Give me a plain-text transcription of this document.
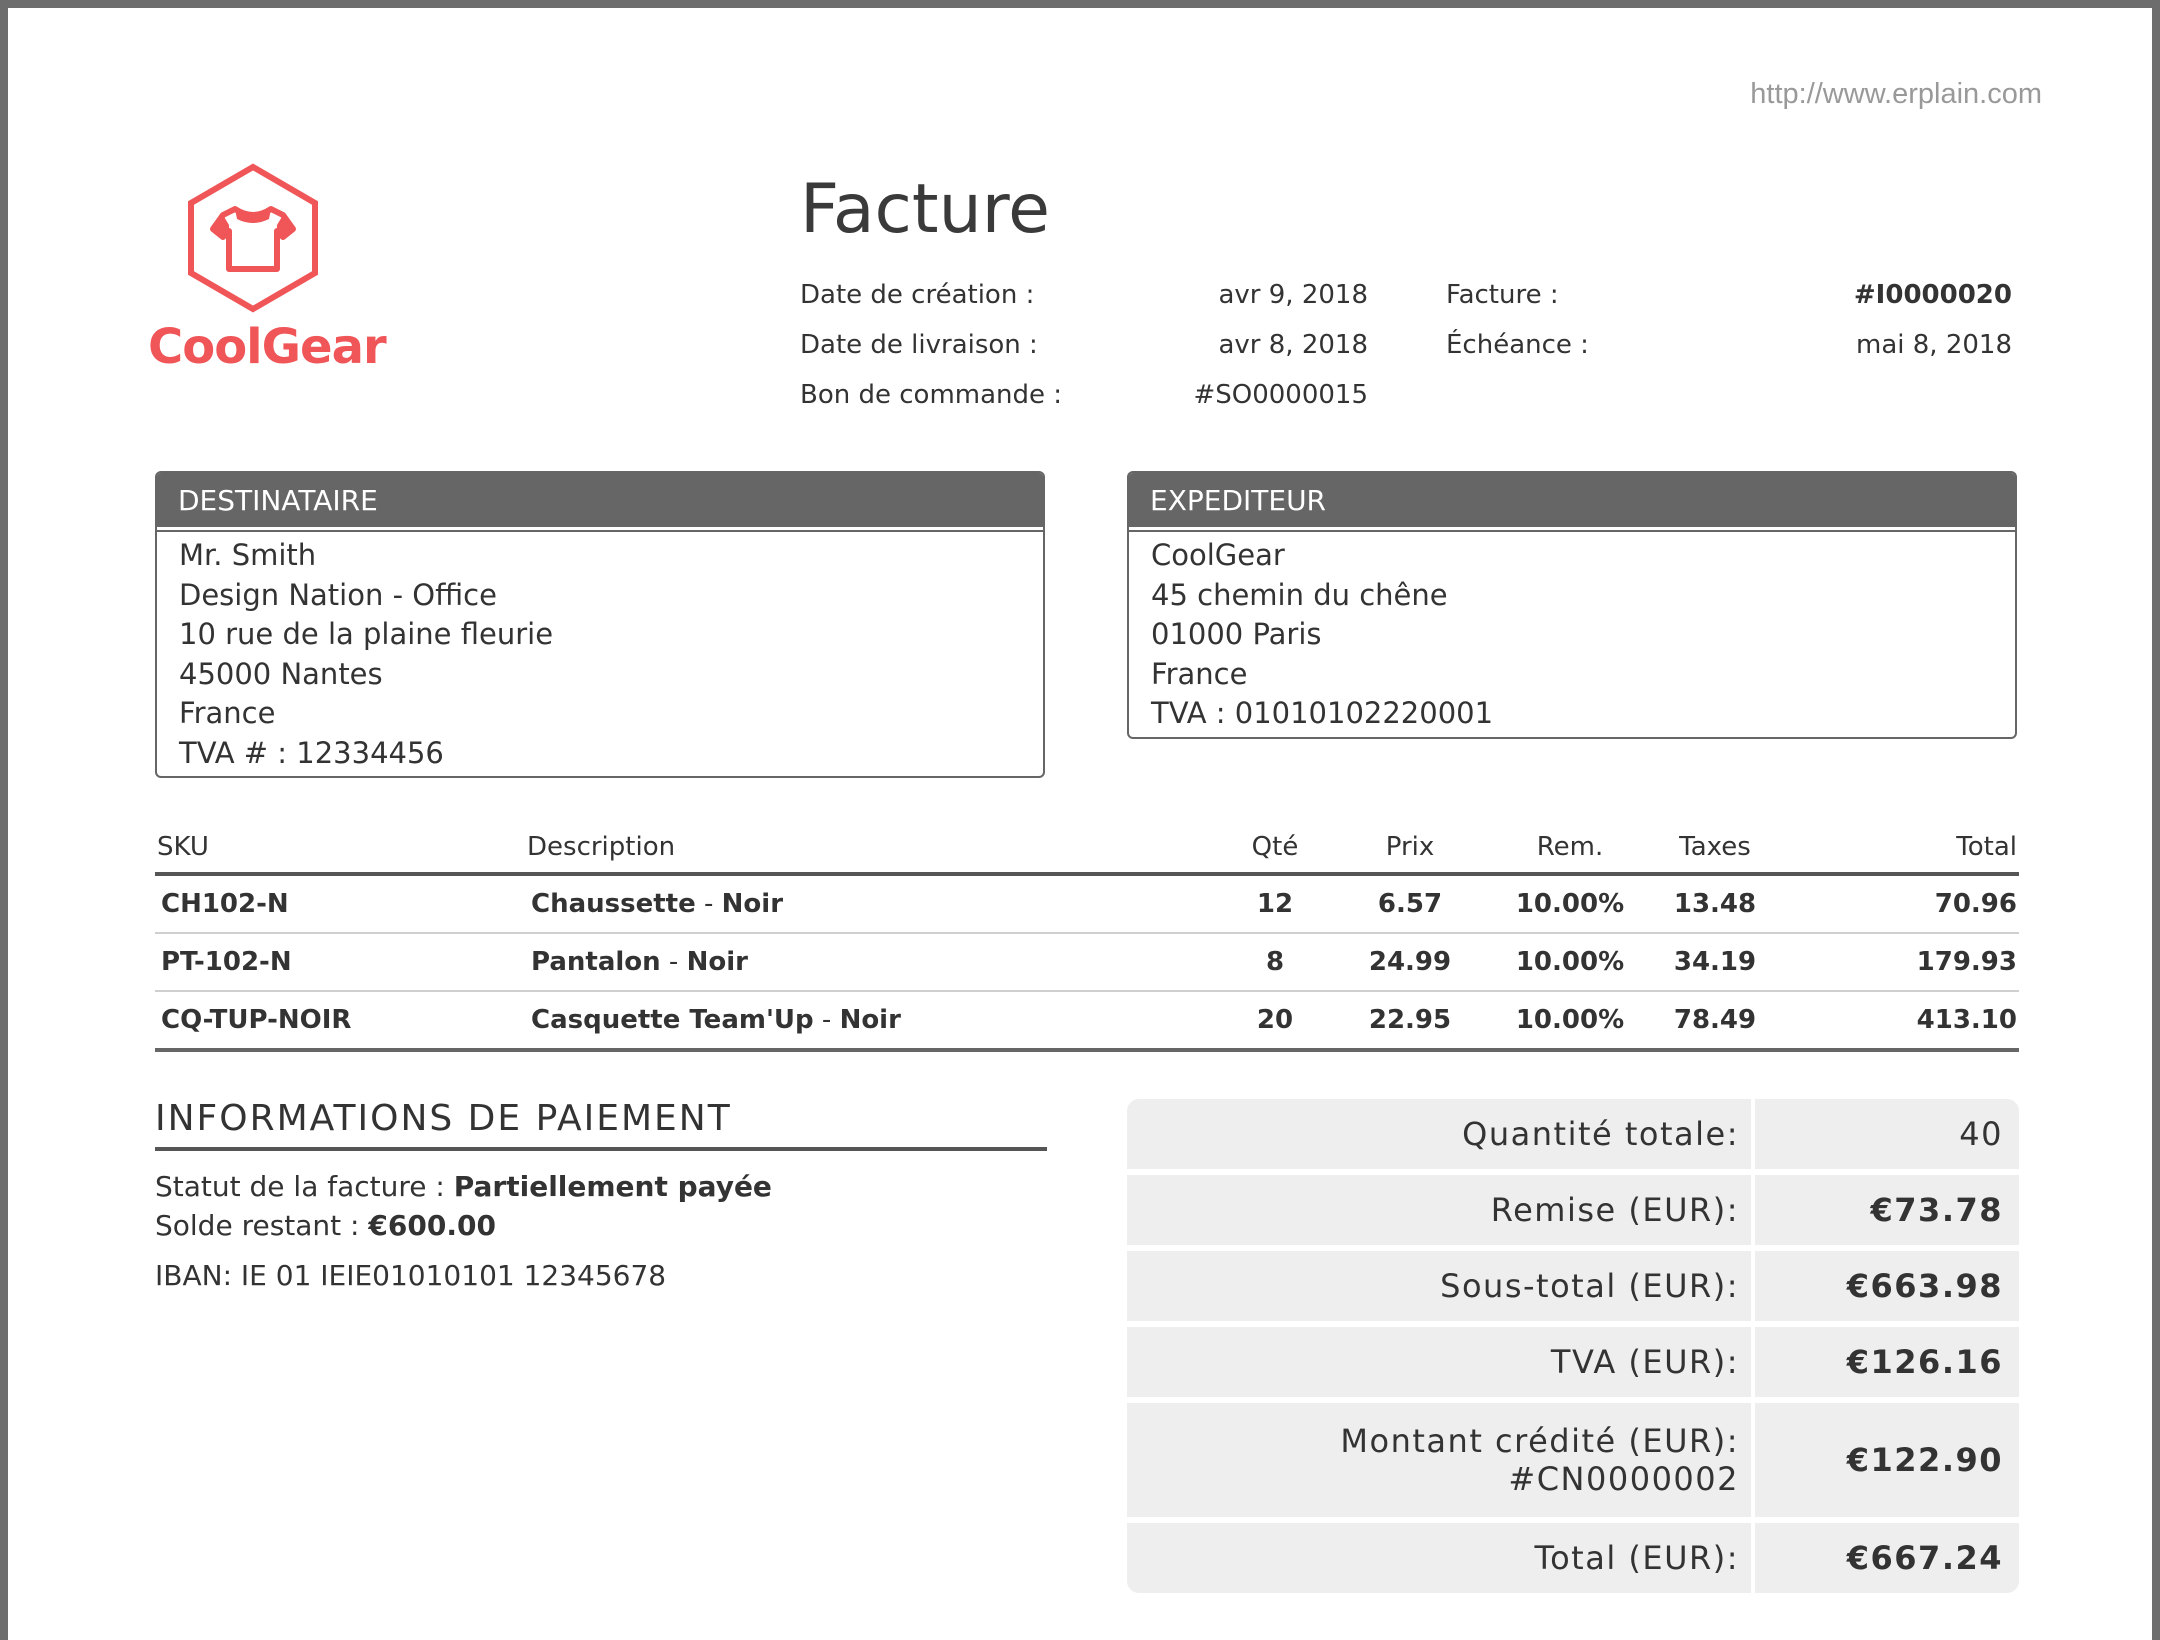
http://www.erplain.com
CoolGear
Facture
Date de création :	avr 9, 2018
Date de livraison :	avr 8, 2018
Bon de commande :	#SO0000015
Facture :	#I0000020
Échéance :	mai 8, 2018
DESTINATAIRE
Mr. Smith
Design Nation - Office
10 rue de la plaine fleurie
45000 Nantes
France
TVA # : 12334456
EXPEDITEUR
CoolGear
45 chemin du chêne
01000 Paris
France
TVA : 01010102220001
SKU	Description	Qté	Prix	Rem.	Taxes	Total
CH102-N	Chaussette - Noir	12	6.57	10.00%	13.48	70.96
PT-102-N	Pantalon - Noir	8	24.99	10.00%	34.19	179.93
CQ-TUP-NOIR	Casquette Team'Up - Noir	20	22.95	10.00%	78.49	413.10
INFORMATIONS DE PAIEMENT
Statut de la facture : Partiellement payée
Solde restant : €600.00
IBAN: IE 01 IEIE01010101 12345678
Quantité totale:	40
Remise (EUR):	€73.78
Sous-total (EUR):	€663.98
TVA (EUR):	€126.16
Montant crédité (EUR):
#CN0000002	€122.90
Total (EUR):	€667.24
